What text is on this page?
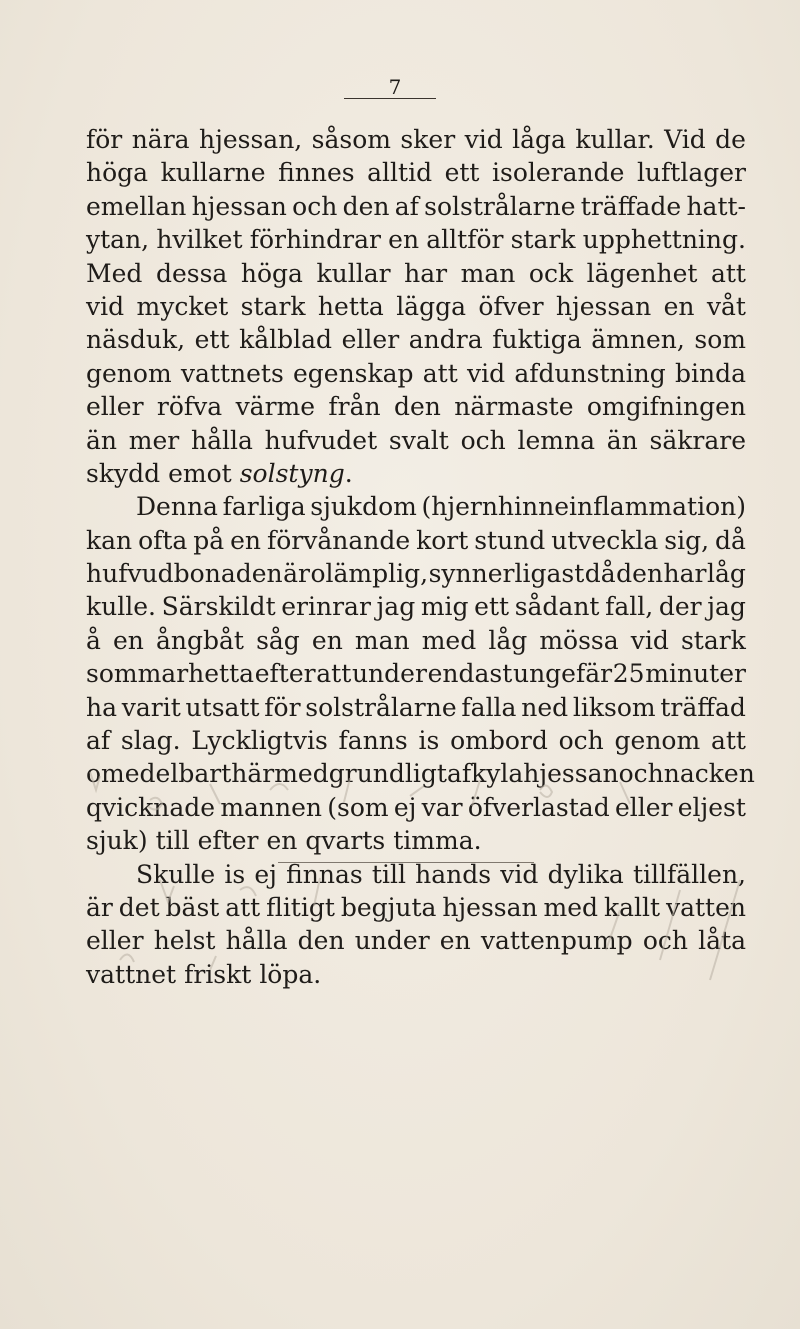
7
för nära hjessan, såsom sker vid låga kullar. Vid de
höga kullarne finnes alltid ett isolerande luftlager
emellan hjessan och den af solstrålarne träffade hatt-
ytan, hvilket förhindrar en alltför stark upphettning.
Med dessa höga kullar har man ock lägenhet att
vid mycket stark hetta lägga öfver hjessan en våt
näsduk, ett kålblad eller andra fuktiga ämnen, som
genom vattnets egenskap att vid afdunstning binda
eller röfva värme från den närmaste omgifningen
än mer hålla hufvudet svalt och lemna än säkrare
skydd emot solstyng.
Denna farliga sjukdom (hjernhinneinflammation)
kan ofta på en förvånande kort stund utveckla sig, då
hufvudbonaden är olämplig, synnerligast då den har låg
kulle. Särskildt erinrar jag mig ett sådant fall, der jag
å en ångbåt såg en man med låg mössa vid stark
sommarhetta efter att under endast ungefär 25 minuter
ha varit utsatt för solstrålarne falla ned liksom träffad
af slag. Lyckligtvis fanns is ombord och genom att
omedelbart härmed grundligt afkyla hjessan och nacken
qvicknade mannen (som ej var öfverlastad eller eljest
sjuk) till efter en qvarts timma.
Skulle is ej finnas till hands vid dylika tillfällen,
är det bäst att flitigt begjuta hjessan med kallt vatten
eller helst hålla den under en vattenpump och låta
vattnet friskt löpa.
